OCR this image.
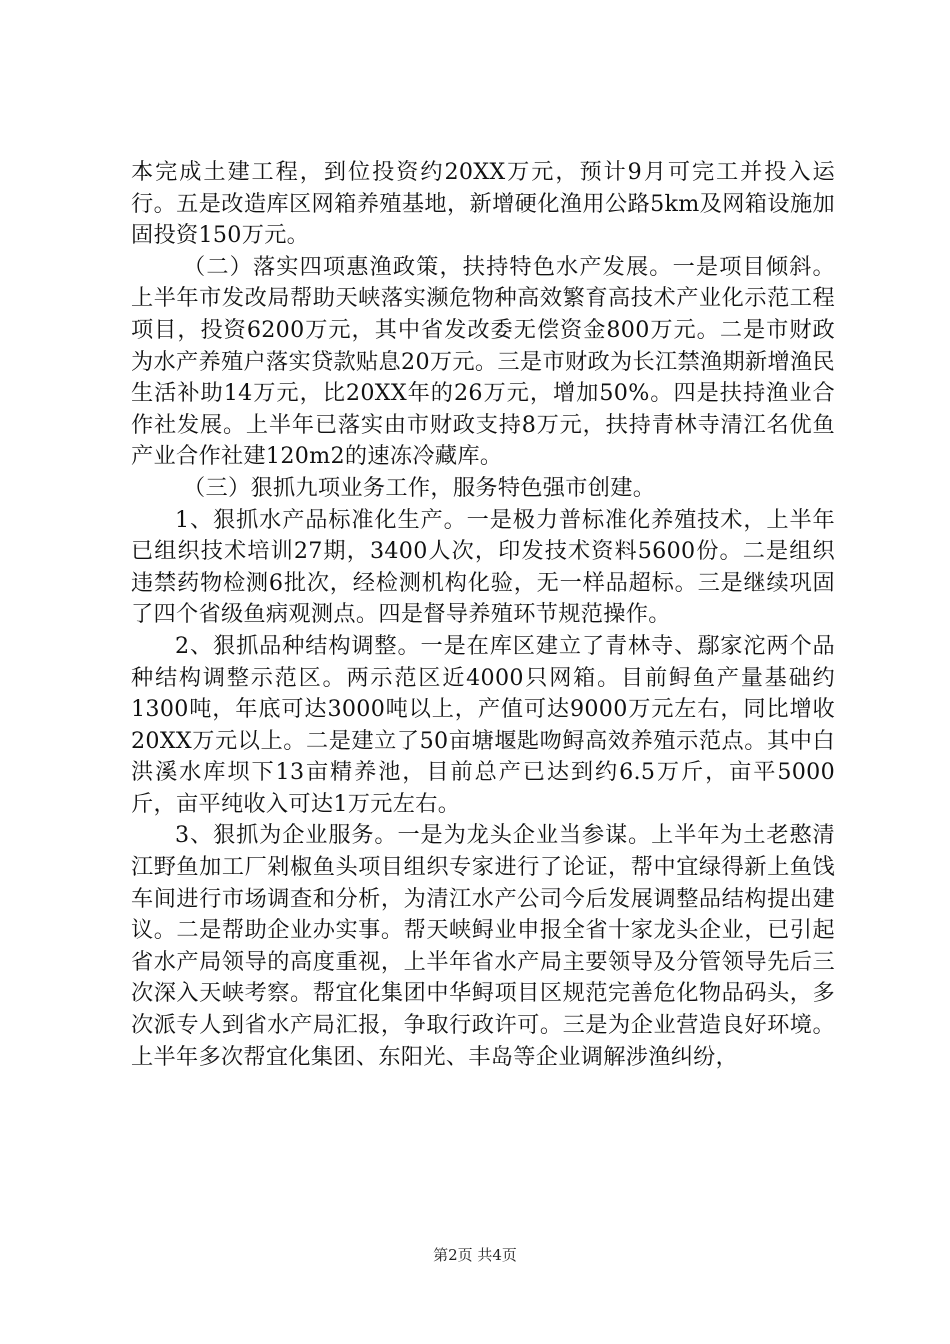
本完成土建工程，到位投资约20XX万元，预计9月可完工并投入运行。五是改造库区网箱养殖基地，新增硬化渔用公路5km及网箱设施加固投资150万元。

（二）落实四项惠渔政策，扶持特色水产发展。一是项目倾斜。上半年市发改局帮助天峡落实濒危物种高效繁育高技术产业化示范工程项目，投资6200万元，其中省发改委无偿资金800万元。二是市财政为水产养殖户落实贷款贴息20万元。三是市财政为长江禁渔期新增渔民生活补助14万元，比20XX年的26万元，增加50%。四是扶持渔业合作社发展。上半年已落实由市财政支持8万元，扶持青林寺清江名优鱼产业合作社建120m2的速冻冷藏库。

（三）狠抓九项业务工作，服务特色强市创建。

1、狠抓水产品标准化生产。一是极力普标准化养殖技术，上半年已组织技术培训27期，3400人次，印发技术资料5600份。二是组织违禁药物检测6批次，经检测机构化验，无一样品超标。三是继续巩固了四个省级鱼病观测点。四是督导养殖环节规范操作。

2、狠抓品种结构调整。一是在库区建立了青林寺、鄢家沱两个品种结构调整示范区。两示范区近4000只网箱。目前鲟鱼产量基础约1300吨，年底可达3000吨以上，产值可达9000万元左右，同比增收20XX万元以上。二是建立了50亩塘堰匙吻鲟高效养殖示范点。其中白洪溪水库坝下13亩精养池，目前总产已达到约6.5万斤，亩平5000斤，亩平纯收入可达1万元左右。

3、狠抓为企业服务。一是为龙头企业当参谋。上半年为土老憨清江野鱼加工厂剁椒鱼头项目组织专家进行了论证，帮中宜绿得新上鱼饯车间进行市场调查和分析，为清江水产公司今后发展调整品结构提出建议。二是帮助企业办实事。帮天峡鲟业申报全省十家龙头企业，已引起省水产局领导的高度重视，上半年省水产局主要领导及分管领导先后三次深入天峡考察。帮宜化集团中华鲟项目区规范完善危化物品码头，多次派专人到省水产局汇报，争取行政许可。三是为企业营造良好环境。上半年多次帮宜化集团、东阳光、丰岛等企业调解涉渔纠纷，

第2页 共4页
